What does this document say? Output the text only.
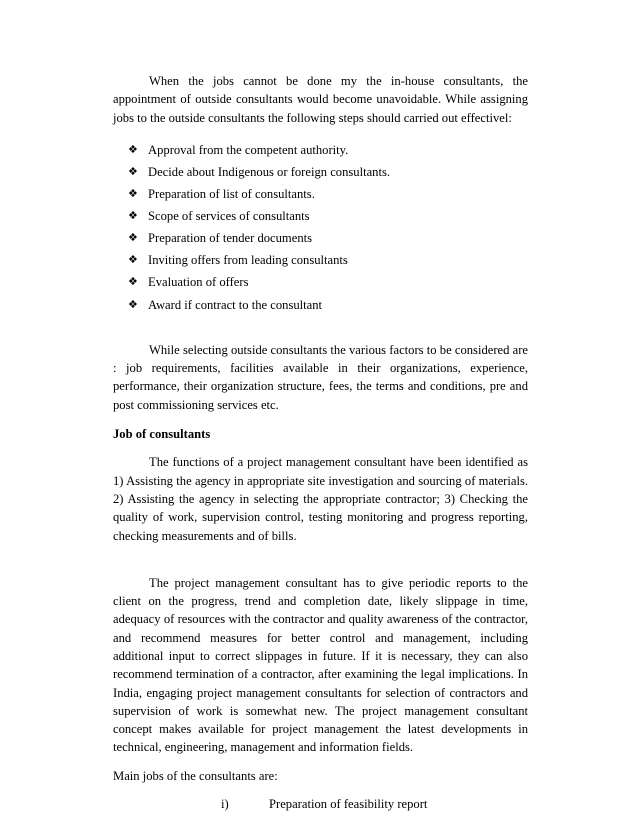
When the jobs cannot be done my the in-house consultants, the appointment of outside consultants would become unavoidable. While assigning jobs to the outside consultants the following steps should carried out effectivel:

❖ Approval from the competent authority.
❖ Decide about Indigenous or foreign consultants.
❖ Preparation of list of consultants.
❖ Scope of services of consultants
❖ Preparation of tender documents
❖ Inviting offers from leading consultants
❖ Evaluation of offers
❖ Award if contract to the consultant

While selecting outside consultants the various factors to be considered are : job requirements, facilities available in their organizations, experience, performance, their organization structure, fees, the terms and conditions, pre and post commissioning services etc.

Job of consultants

The functions of a project management consultant have been identified as 1) Assisting the agency in appropriate site investigation and sourcing of materials. 2) Assisting the agency in selecting the appropriate contractor; 3) Checking the quality of work, supervision control, testing monitoring and progress reporting, checking measurements and of bills.

The project management consultant has to give periodic reports to the client on the progress, trend and completion date, likely slippage in time, adequacy of resources with the contractor and quality awareness of the contractor, and recommend measures for better control and management, including additional input to correct slippages in future. If it is necessary, they can also recommend termination of a contractor, after examining the legal implications. In India, engaging project management consultants for selection of contractors and supervision of work is somewhat new. The project management consultant concept makes available for project management the latest developments in technical, engineering, management and information fields.

Main jobs of the consultants are:

i)	Preparation of feasibility report
